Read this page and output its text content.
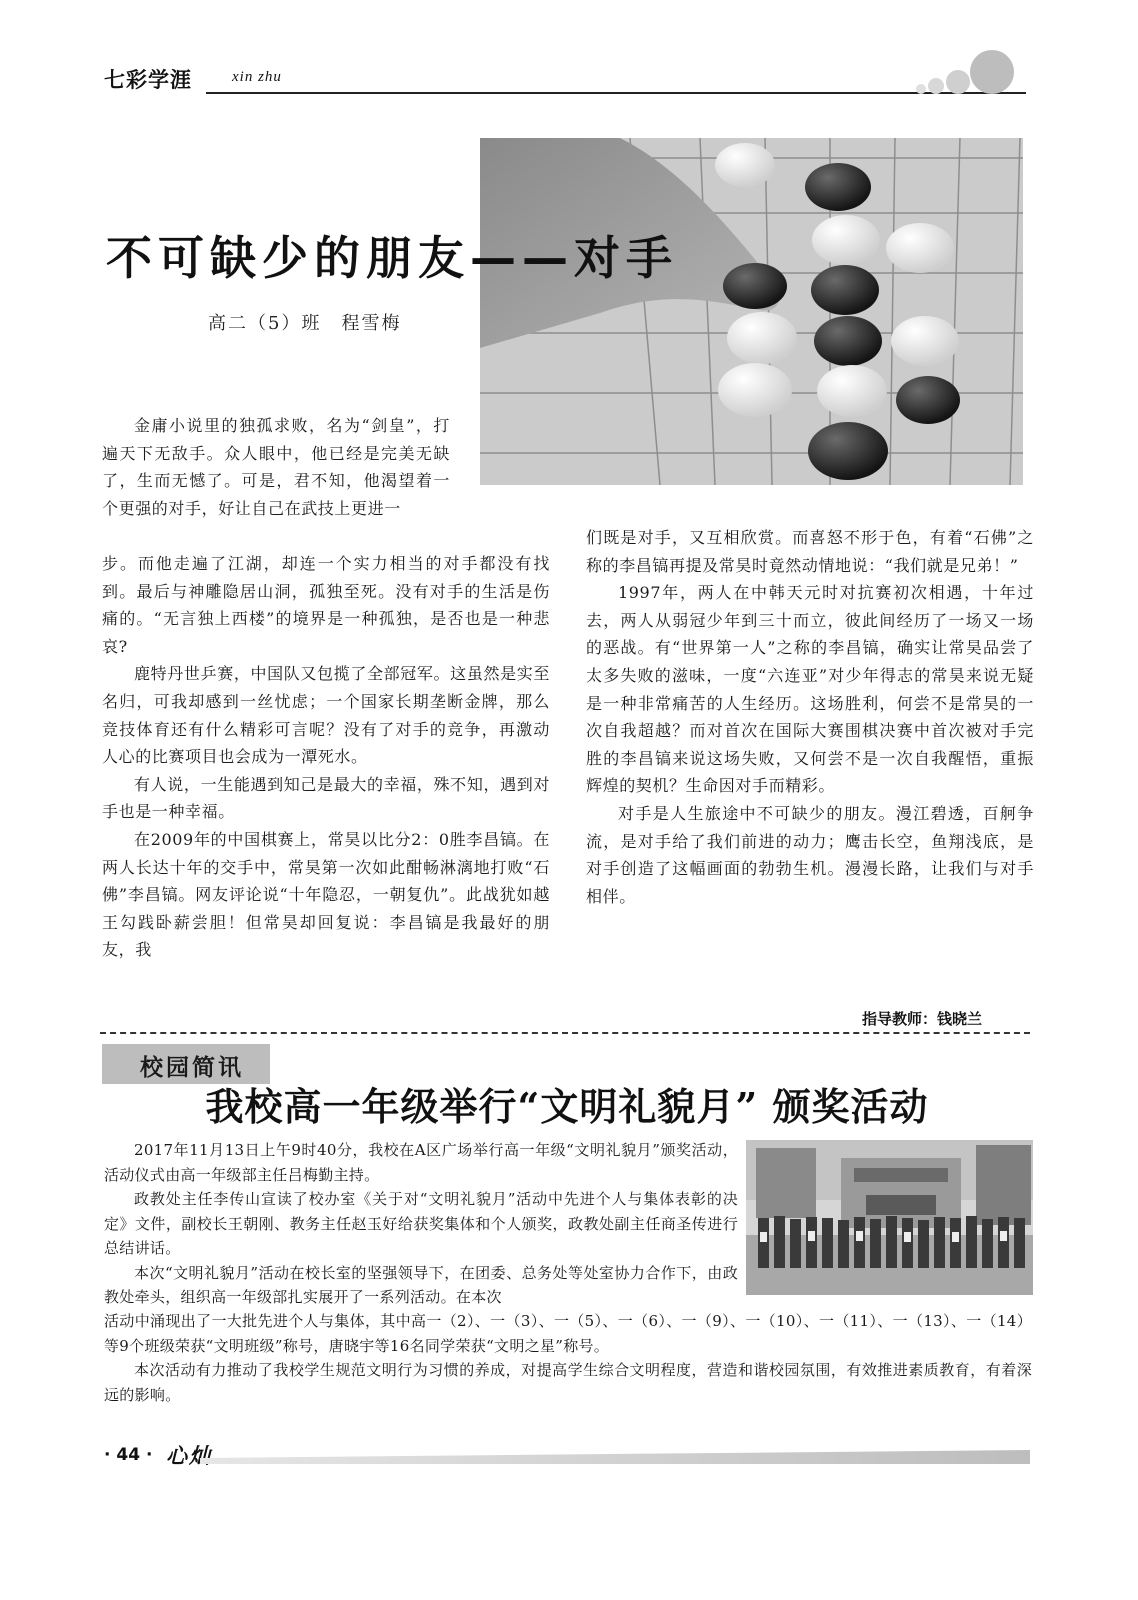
七彩学涯	xin zhu
不可缺少的朋友——对手
高二（5）班　程雪梅

金庸小说里的独孤求败，名为“剑皇”，打遍天下无敌手。众人眼中，他已经是完美无缺了，生而无憾了。可是，君不知，他渴望着一个更强的对手，好让自己在武技上更进一

步。而他走遍了江湖，却连一个实力相当的对手都没有找到。最后与神雕隐居山洞，孤独至死。没有对手的生活是伤痛的。“无言独上西楼”的境界是一种孤独，是否也是一种悲哀?

鹿特丹世乒赛，中国队又包揽了全部冠军。这虽然是实至名归，可我却感到一丝忧虑；一个国家长期垄断金牌，那么竞技体育还有什么精彩可言呢？没有了对手的竞争，再激动人心的比赛项目也会成为一潭死水。

有人说，一生能遇到知己是最大的幸福，殊不知，遇到对手也是一种幸福。

在2009年的中国棋赛上，常昊以比分2：0胜李昌镐。在两人长达十年的交手中，常昊第一次如此酣畅淋漓地打败“石佛”李昌镐。网友评论说“十年隐忍，一朝复仇”。此战犹如越王勾践卧薪尝胆！但常昊却回复说：李昌镐是我最好的朋友，我

们既是对手，又互相欣赏。而喜怒不形于色，有着“石佛”之称的李昌镐再提及常昊时竟然动情地说：“我们就是兄弟！”

1997年，两人在中韩天元时对抗赛初次相遇，十年过去，两人从弱冠少年到三十而立，彼此间经历了一场又一场的恶战。有“世界第一人”之称的李昌镐，确实让常昊品尝了太多失败的滋味，一度“六连亚”对少年得志的常昊来说无疑是一种非常痛苦的人生经历。这场胜利，何尝不是常昊的一次自我超越？而对首次在国际大赛围棋决赛中首次被对手完胜的李昌镐来说这场失败，又何尝不是一次自我醒悟，重振辉煌的契机？生命因对手而精彩。

对手是人生旅途中不可缺少的朋友。漫江碧透，百舸争流，是对手给了我们前进的动力；鹰击长空，鱼翔浅底，是对手创造了这幅画面的勃勃生机。漫漫长路，让我们与对手相伴。

指导教师：钱晓兰
校园简讯
我校高一年级举行“文明礼貌月” 颁奖活动

2017年11月13日上午9时40分，我校在A区广场举行高一年级“文明礼貌月”颁奖活动，活动仪式由高一年级部主任吕梅勤主持。

政教处主任李传山宣读了校办室《关于对“文明礼貌月”活动中先进个人与集体表彰的决定》文件，副校长王朝刚、教务主任赵玉好给获奖集体和个人颁奖，政教处副主任商圣传进行总结讲话。

本次“文明礼貌月”活动在校长室的坚强领导下，在团委、总务处等处室协力合作下，由政教处牵头，组织高一年级部扎实展开了一系列活动。在本次

活动中涌现出了一大批先进个人与集体，其中高一（2）、一（3）、一（5）、一（6）、一（9）、一（10）、一（11）、一（13）、一（14）等9个班级荣获“文明班级”称号，唐晓宇等16名同学荣获“文明之星”称号。

本次活动有力推动了我校学生规范文明行为习惯的养成，对提高学生综合文明程度，营造和谐校园氛围，有效推进素质教育，有着深远的影响。

· 44 · 心灿
